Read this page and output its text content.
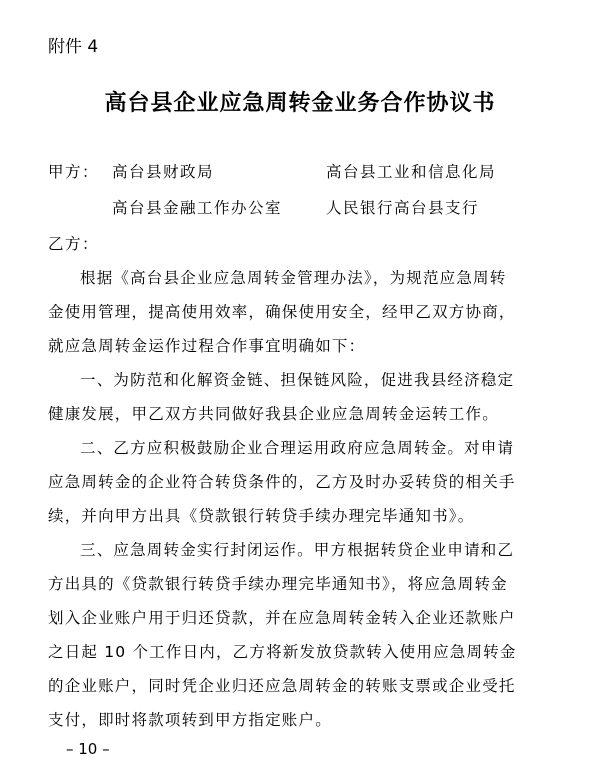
附件 4
高台县企业应急周转金业务合作协议书
甲方： 高台县财政局	高台县工业和信息化局
高台县金融工作办公室	人民银行高台县支行
乙方：
根据《高台县企业应急周转金管理办法》，为规范应急周转
金使用管理，提高使用效率，确保使用安全，经甲乙双方协商，
就应急周转金运作过程合作事宜明确如下：
一、为防范和化解资金链、担保链风险，促进我县经济稳定
健康发展，甲乙双方共同做好我县企业应急周转金运转工作。
二、乙方应积极鼓励企业合理运用政府应急周转金。对申请
应急周转金的企业符合转贷条件的，乙方及时办妥转贷的相关手
续，并向甲方出具《贷款银行转贷手续办理完毕通知书》。
三、应急周转金实行封闭运作。甲方根据转贷企业申请和乙
方出具的《贷款银行转贷手续办理完毕通知书》，将应急周转金
划入企业账户用于归还贷款，并在应急周转金转入企业还款账户
之日起 10 个工作日内，乙方将新发放贷款转入使用应急周转金
的企业账户，同时凭企业归还应急周转金的转账支票或企业受托
支付，即时将款项转到甲方指定账户。
– 10 –
